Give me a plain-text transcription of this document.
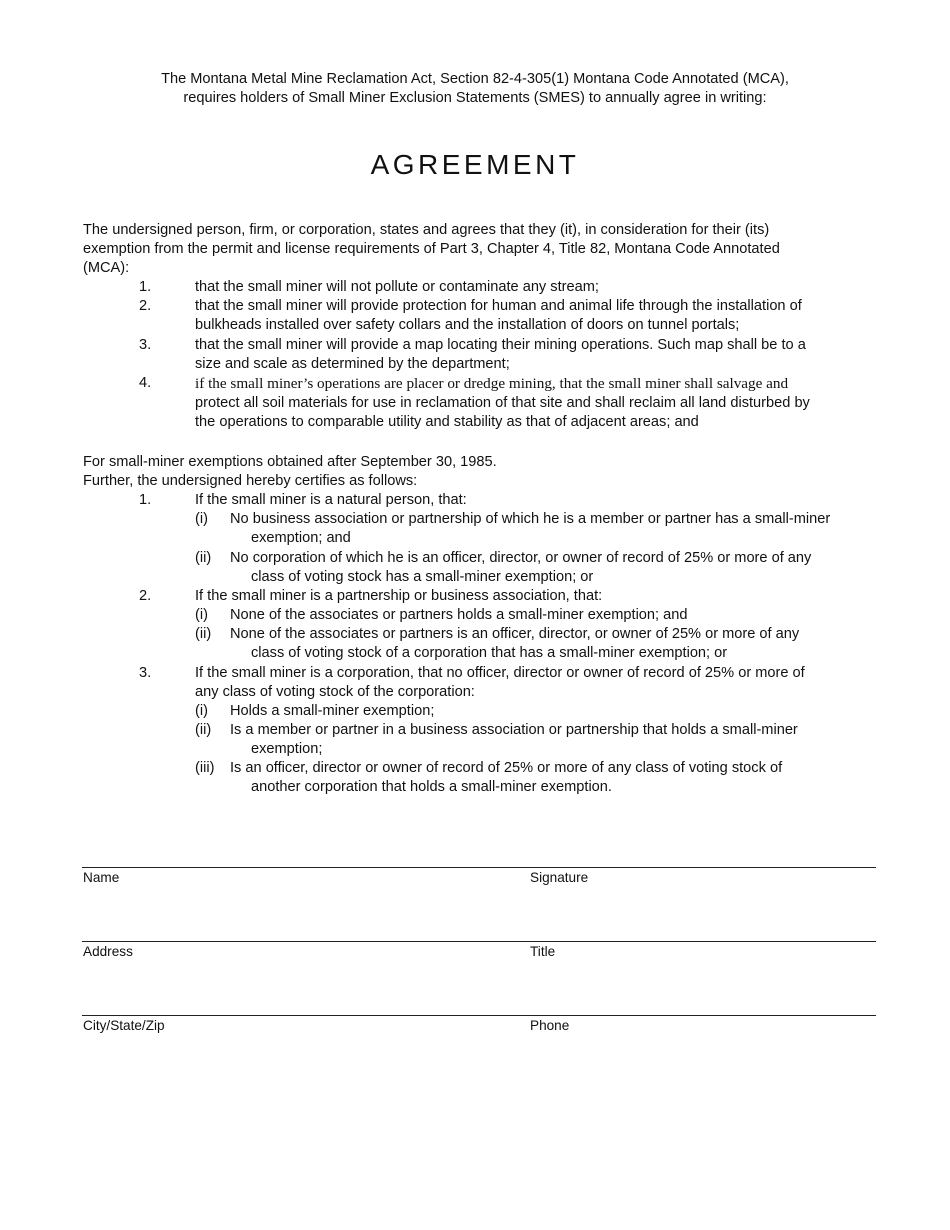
The Montana Metal Mine Reclamation Act, Section 82-4-305(1) Montana Code Annotated (MCA),
requires holders of Small Miner Exclusion Statements (SMES) to annually agree in writing:
AGREEMENT
The undersigned person, firm, or corporation, states and agrees that they (it), in consideration for their (its)
exemption from the permit and license requirements of Part 3, Chapter 4, Title 82, Montana Code Annotated
(MCA):
1.	that the small miner will not pollute or contaminate any stream;
2.	that the small miner will provide protection for human and animal life through the installation of
bulkheads installed over safety collars and the installation of doors on tunnel portals;
3.	that the small miner will provide a map locating their mining operations. Such map shall be to a
size and scale as determined by the department;
4.	if the small miner’s operations are placer or dredge mining, that the small miner shall salvage and
protect all soil materials for use in reclamation of that site and shall reclaim all land disturbed by
the operations to comparable utility and stability as that of adjacent areas; and
For small-miner exemptions obtained after September 30, 1985.
Further, the undersigned hereby certifies as follows:
1.	If the small miner is a natural person, that:
(i) No business association or partnership of which he is a member or partner has a small-miner
exemption; and
(ii) No corporation of which he is an officer, director, or owner of record of 25% or more of any
class of voting stock has a small-miner exemption; or
2.	If the small miner is a partnership or business association, that:
(i) None of the associates or partners holds a small-miner exemption; and
(ii) None of the associates or partners is an officer, director, or owner of 25% or more of any
class of voting stock of a corporation that has a small-miner exemption; or
3.	If the small miner is a corporation, that no officer, director or owner of record of 25% or more of
any class of voting stock of the corporation:
(i) Holds a small-miner exemption;
(ii) Is a member or partner in a business association or partnership that holds a small-miner
exemption;
(iii) Is an officer, director or owner of record of 25% or more of any class of voting stock of
another corporation that holds a small-miner exemption.
Name	Signature
Address	Title
City/State/Zip	Phone
